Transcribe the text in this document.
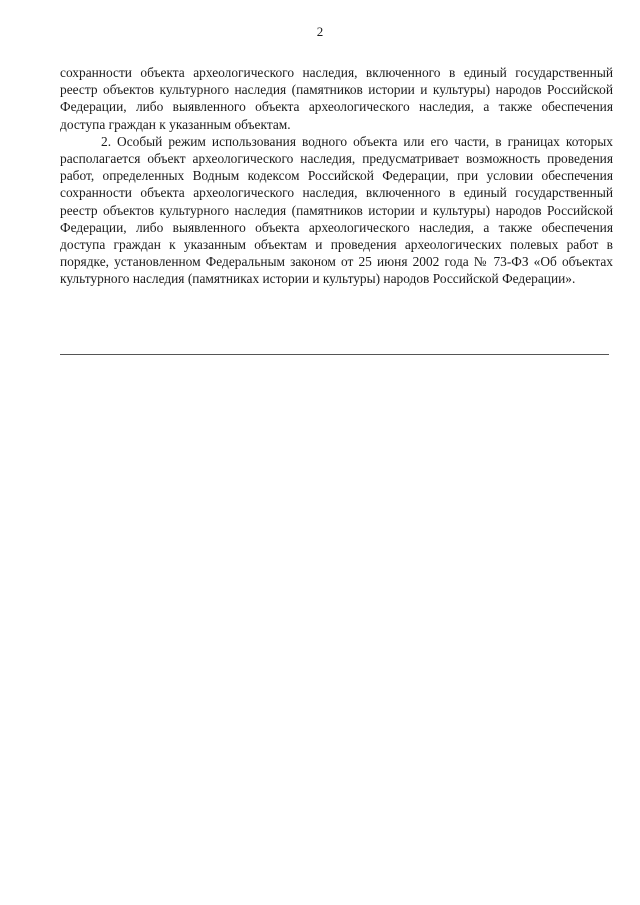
2

сохранности объекта археологического наследия, включенного в единый государственный реестр объектов культурного наследия (памятников истории и культуры) народов Российской Федерации, либо выявленного объекта археологического наследия, а также обеспечения доступа граждан к указанным объектам.

2. Особый режим использования водного объекта или его части, в границах которых располагается объект археологического наследия, предусматривает возможность проведения работ, определенных Водным кодексом Российской Федерации, при условии обеспечения сохранности объекта археологического наследия, включенного в единый государственный реестр объектов культурного наследия (памятников истории и культуры) народов Российской Федерации, либо выявленного объекта археологического наследия, а также обеспечения доступа граждан к указанным объектам и проведения археологических полевых работ в порядке, установленном Федеральным законом от 25 июня 2002 года № 73-ФЗ «Об объектах культурного наследия (памятниках истории и культуры) народов Российской Федерации».
